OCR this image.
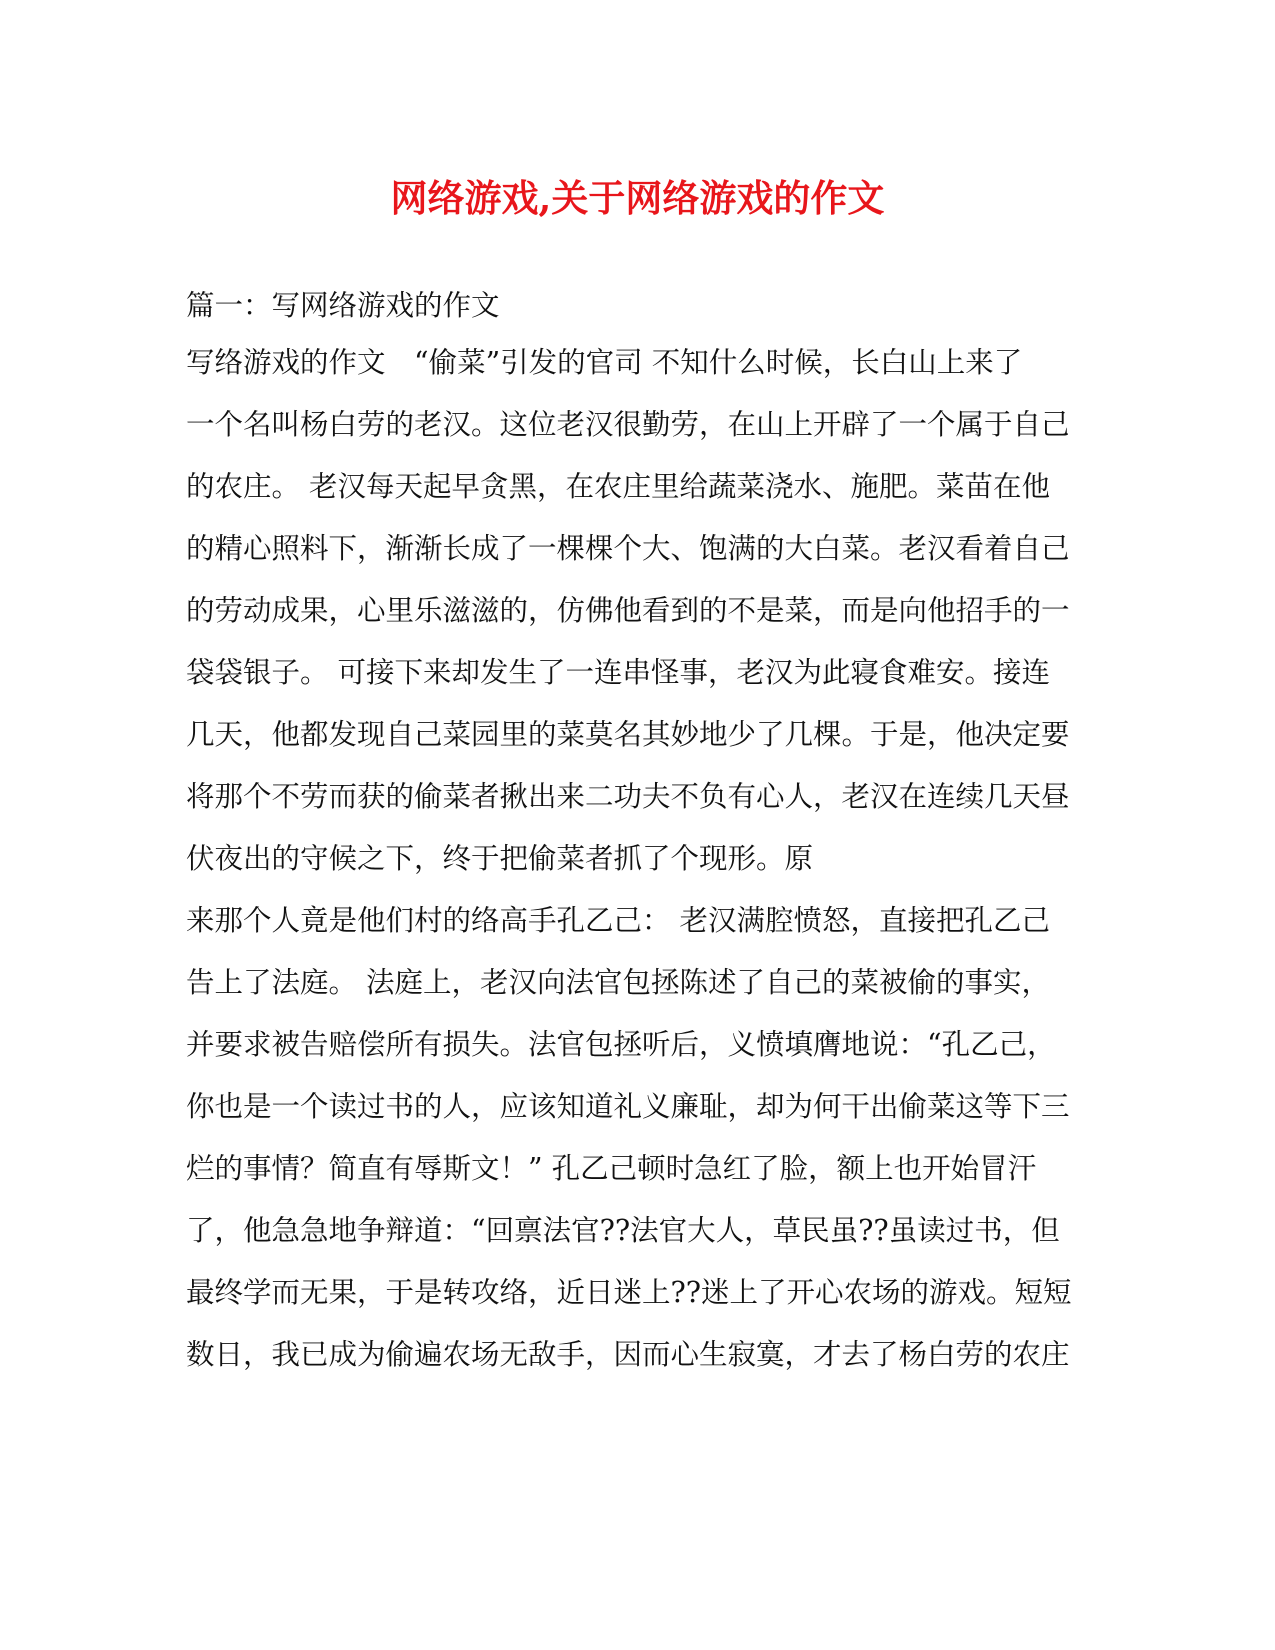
网络游戏,关于网络游戏的作文
篇一：写网络游戏的作文
写络游戏的作文　“偷菜”引发的官司 不知什么时候，长白山上来了
一个名叫杨白劳的老汉。这位老汉很勤劳，在山上开辟了一个属于自己
的农庄。 老汉每天起早贪黑，在农庄里给蔬菜浇水、施肥。菜苗在他
的精心照料下，渐渐长成了一棵棵个大、饱满的大白菜。老汉看着自己
的劳动成果，心里乐滋滋的，仿佛他看到的不是菜，而是向他招手的一
袋袋银子。 可接下来却发生了一连串怪事，老汉为此寝食难安。接连
几天，他都发现自己菜园里的菜莫名其妙地少了几棵。于是，他决定要
将那个不劳而获的偷菜者揪出来二功夫不负有心人，老汉在连续几天昼
伏夜出的守候之下，终于把偷菜者抓了个现形。原
来那个人竟是他们村的络高手孔乙己： 老汉满腔愤怒，直接把孔乙己
告上了法庭。 法庭上，老汉向法官包拯陈述了自己的菜被偷的事实，
并要求被告赔偿所有损失。法官包拯听后，义愤填膺地说：“孔乙己，
你也是一个读过书的人，应该知道礼义廉耻，却为何干出偷菜这等下三
烂的事情？简直有辱斯文！” 孔乙己顿时急红了脸，额上也开始冒汗
了，他急急地争辩道：“回禀法官??法官大人，草民虽??虽读过书，但
最终学而无果，于是转攻络，近日迷上??迷上了开心农场的游戏。短短
数日，我已成为偷遍农场无敌手，因而心生寂寞，才去了杨白劳的农庄
